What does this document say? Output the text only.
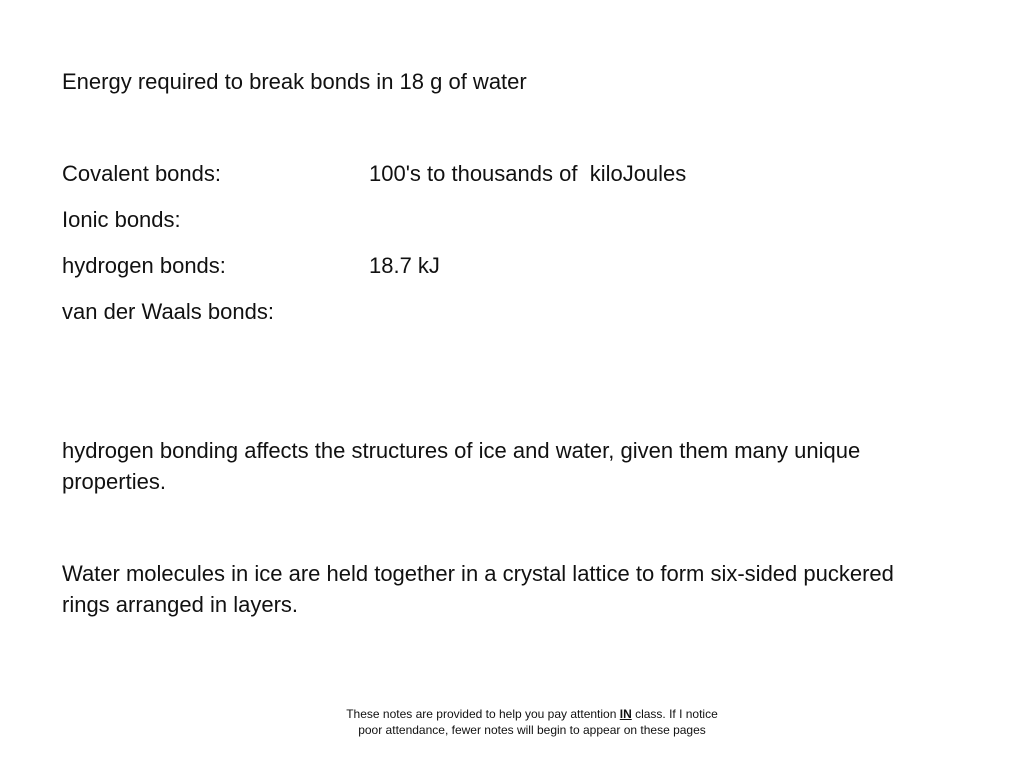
Energy required to break bonds in 18 g of water
Covalent bonds:	100's to thousands of  kiloJoules
Ionic bonds:
hydrogen bonds:	18.7 kJ
van der Waals bonds:
hydrogen bonding affects the structures of ice and water, given them many unique properties.
Water molecules in ice are held together in a crystal lattice to form six-sided puckered rings arranged in layers.
These notes are provided to help you pay attention IN class. If I notice
poor attendance, fewer notes will begin to appear on these pages
